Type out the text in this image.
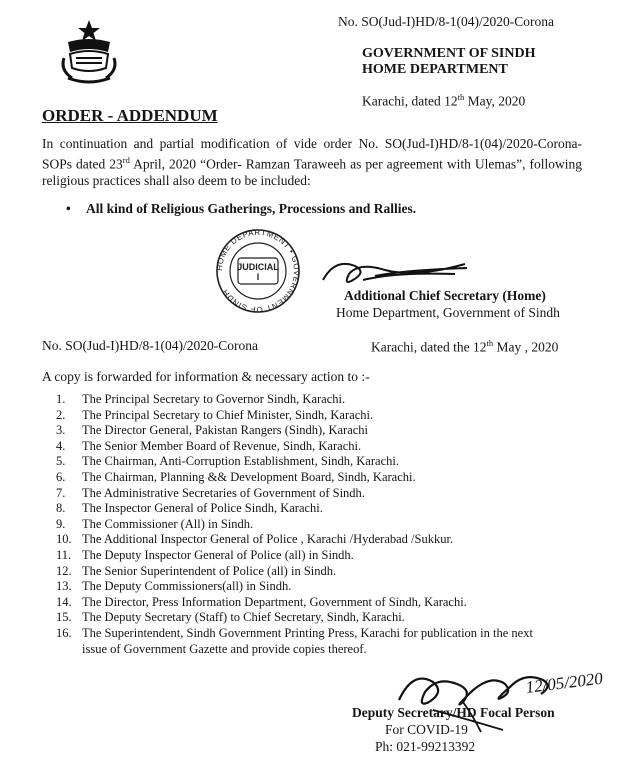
No. SO(Jud-I)HD/8-1(04)/2020-Corona
GOVERNMENT OF SINDH
HOME DEPARTMENT
Karachi, dated 12th May, 2020
ORDER - ADDENDUM
In continuation and partial modification of vide order No. SO(Jud-I)HD/8-1(04)/2020-Corona-SOPs dated 23rd April, 2020 “Order- Ramzan Taraweeh as per agreement with Ulemas”, following religious practices shall also deem to be included:
• All kind of Religious Gatherings, Processions and Rallies.
HOME DEPARTMENT • GOVERNMENT OF SINDH
JUDICIAL
I
Additional Chief Secretary (Home)
Home Department, Government of Sindh
No. SO(Jud-I)HD/8-1(04)/2020-Corona	Karachi, dated the 12th May , 2020
A copy is forwarded for information & necessary action to :-
1. The Principal Secretary to Governor Sindh, Karachi.
2. The Principal Secretary to Chief Minister, Sindh, Karachi.
3. The Director General, Pakistan Rangers (Sindh), Karachi
4. The Senior Member Board of Revenue, Sindh, Karachi.
5. The Chairman, Anti-Corruption Establishment, Sindh, Karachi.
6. The Chairman, Planning && Development Board, Sindh, Karachi.
7. The Administrative Secretaries of Government of Sindh.
8. The Inspector General of Police Sindh, Karachi.
9. The Commissioner (All) in Sindh.
10. The Additional Inspector General of Police , Karachi /Hyderabad /Sukkur.
11. The Deputy Inspector General of Police (all) in Sindh.
12. The Senior Superintendent of Police (all) in Sindh.
13. The Deputy Commissioners(all) in Sindh.
14. The Director, Press Information Department, Government of Sindh, Karachi.
15. The Deputy Secretary (Staff) to Chief Secretary, Sindh, Karachi.
16. The Superintendent, Sindh Government Printing Press, Karachi for publication in the next
issue of Government Gazette and provide copies thereof.
12/05/2020
Deputy Secretary/HD Focal Person
For COVID-19
Ph: 021-99213392
